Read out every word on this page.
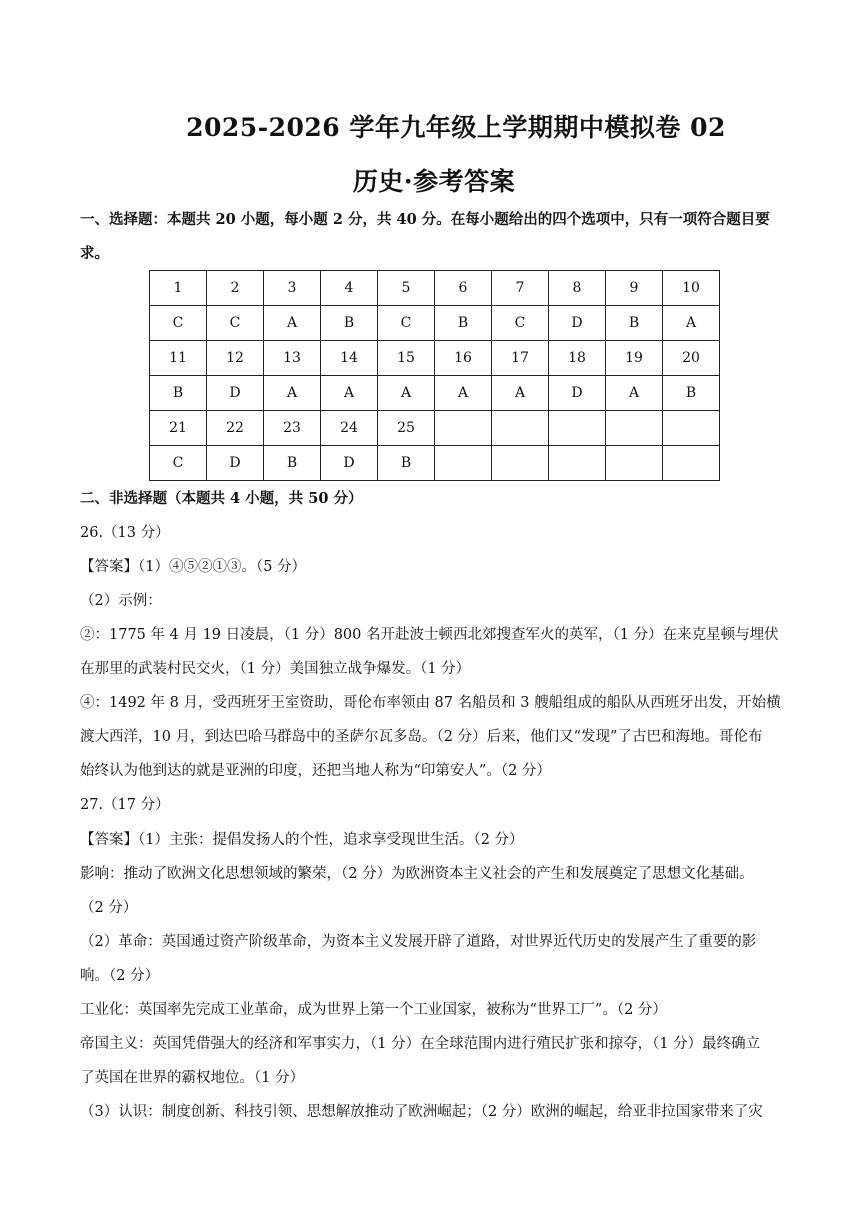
2025-2026 学年九年级上学期期中模拟卷 02
历史·参考答案
一、选择题：本题共 20 小题，每小题 2 分，共 40 分。在每小题给出的四个选项中，只有一项符合题目要
求。
1	2	3	4	5	6	7	8	9	10
C	C	A	B	C	B	C	D	B	A
11	12	13	14	15	16	17	18	19	20
B	D	A	A	A	A	A	D	A	B
21	22	23	24	25					
C	D	B	D	B					
二、非选择题（本题共 4 小题，共 50 分）
26.（13 分）
【答案】（1）④⑤②①③。（5 分）
（2）示例：
②：1775 年 4 月 19 日凌晨，（1 分）800 名开赴波士顿西北郊搜查军火的英军，（1 分）在来克星顿与埋伏
在那里的武装村民交火，（1 分）美国独立战争爆发。（1 分）
④：1492 年 8 月，受西班牙王室资助，哥伦布率领由 87 名船员和 3 艘船组成的船队从西班牙出发，开始横
渡大西洋，10 月，到达巴哈马群岛中的圣萨尔瓦多岛。（2 分）后来，他们又“发现”了古巴和海地。哥伦布
始终认为他到达的就是亚洲的印度，还把当地人称为“印第安人”。（2 分）
27.（17 分）
【答案】（1）主张：提倡发扬人的个性，追求享受现世生活。（2 分）
影响：推动了欧洲文化思想领域的繁荣，（2 分）为欧洲资本主义社会的产生和发展奠定了思想文化基础。
（2 分）
（2）革命：英国通过资产阶级革命，为资本主义发展开辟了道路，对世界近代历史的发展产生了重要的影
响。（2 分）
工业化：英国率先完成工业革命，成为世界上第一个工业国家，被称为“世界工厂”。（2 分）
帝国主义：英国凭借强大的经济和军事实力，（1 分）在全球范围内进行殖民扩张和掠夺，（1 分）最终确立
了英国在世界的霸权地位。（1 分）
（3）认识：制度创新、科技引领、思想解放推动了欧洲崛起；（2 分）欧洲的崛起，给亚非拉国家带来了灾
